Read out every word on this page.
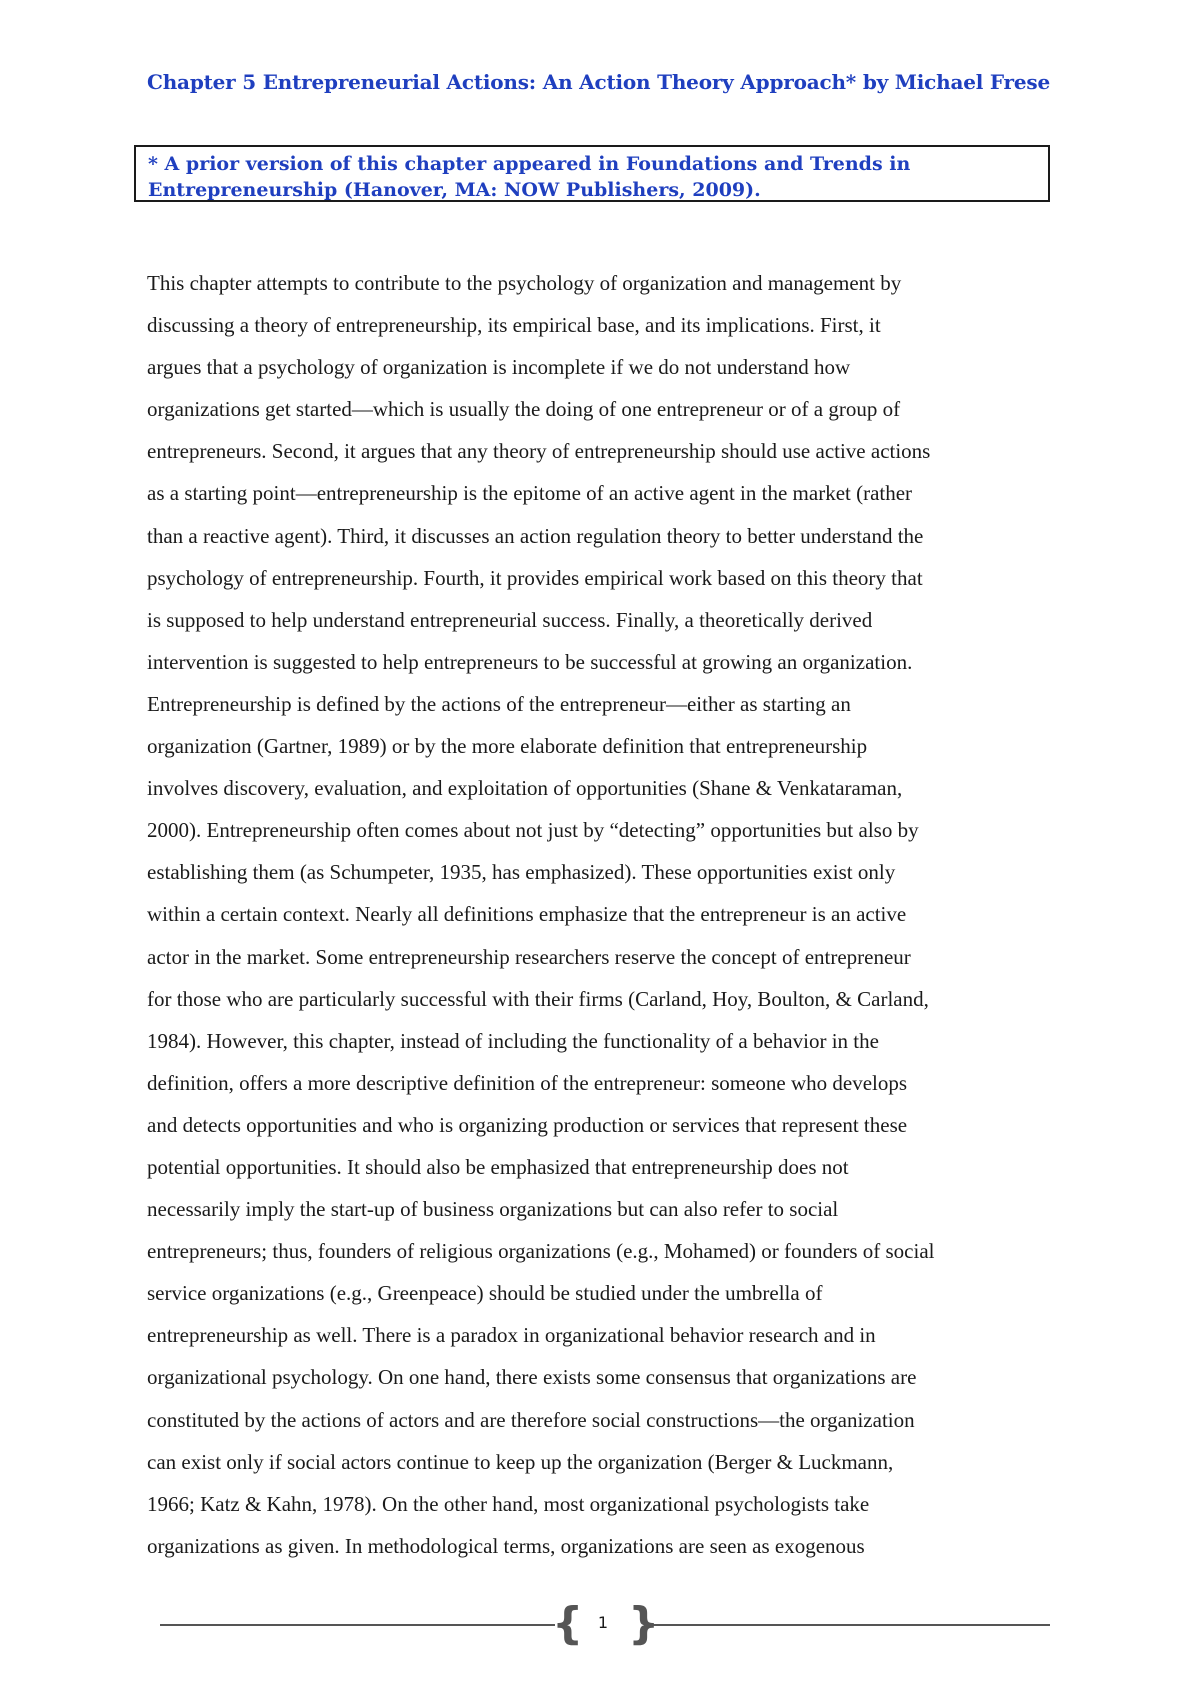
Chapter 5 Entrepreneurial Actions: An Action Theory Approach* by Michael Frese
* A prior version of this chapter appeared in Foundations and Trends in
Entrepreneurship (Hanover, MA: NOW Publishers, 2009).
This chapter attempts to contribute to the psychology of organization and management by
discussing a theory of entrepreneurship, its empirical base, and its implications. First, it
argues that a psychology of organization is incomplete if we do not understand how
organizations get started—which is usually the doing of one entrepreneur or of a group of
entrepreneurs. Second, it argues that any theory of entrepreneurship should use active actions
as a starting point—entrepreneurship is the epitome of an active agent in the market (rather
than a reactive agent). Third, it discusses an action regulation theory to better understand the
psychology of entrepreneurship. Fourth, it provides empirical work based on this theory that
is supposed to help understand entrepreneurial success. Finally, a theoretically derived
intervention is suggested to help entrepreneurs to be successful at growing an organization.
Entrepreneurship is defined by the actions of the entrepreneur—either as starting an
organization (Gartner, 1989) or by the more elaborate definition that entrepreneurship
involves discovery, evaluation, and exploitation of opportunities (Shane & Venkataraman,
2000). Entrepreneurship often comes about not just by “detecting” opportunities but also by
establishing them (as Schumpeter, 1935, has emphasized). These opportunities exist only
within a certain context. Nearly all definitions emphasize that the entrepreneur is an active
actor in the market. Some entrepreneurship researchers reserve the concept of entrepreneur
for those who are particularly successful with their firms (Carland, Hoy, Boulton, & Carland,
1984). However, this chapter, instead of including the functionality of a behavior in the
definition, offers a more descriptive definition of the entrepreneur: someone who develops
and detects opportunities and who is organizing production or services that represent these
potential opportunities. It should also be emphasized that entrepreneurship does not
necessarily imply the start-up of business organizations but can also refer to social
entrepreneurs; thus, founders of religious organizations (e.g., Mohamed) or founders of social
service organizations (e.g., Greenpeace) should be studied under the umbrella of
entrepreneurship as well. There is a paradox in organizational behavior research and in
organizational psychology. On one hand, there exists some consensus that organizations are
constituted by the actions of actors and are therefore social constructions—the organization
can exist only if social actors continue to keep up the organization (Berger & Luckmann,
1966; Katz & Kahn, 1978). On the other hand, most organizational psychologists take
organizations as given. In methodological terms, organizations are seen as exogenous
{ 1 }
